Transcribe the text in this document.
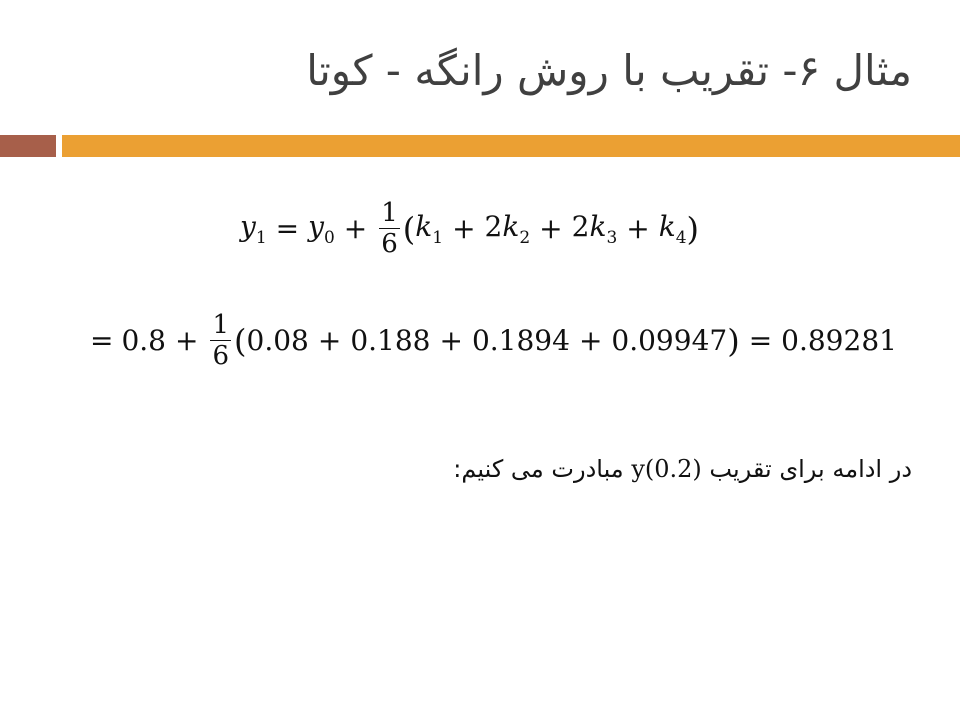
مثال ۶- تقریب با روش رانگه - کوتا
$y_1 = y_0 + \frac{1}{6}$ ( $k_1 + 2k_2 + 2k_3 + k_4$ )
= $0.8 + \frac{1}{6}$ ( 0.08 + 0.188 + 0.1894 + 0.09947 ) = 0.89281
در ادامه برای تقریب y(0.2) مبادرت می کنیم:
